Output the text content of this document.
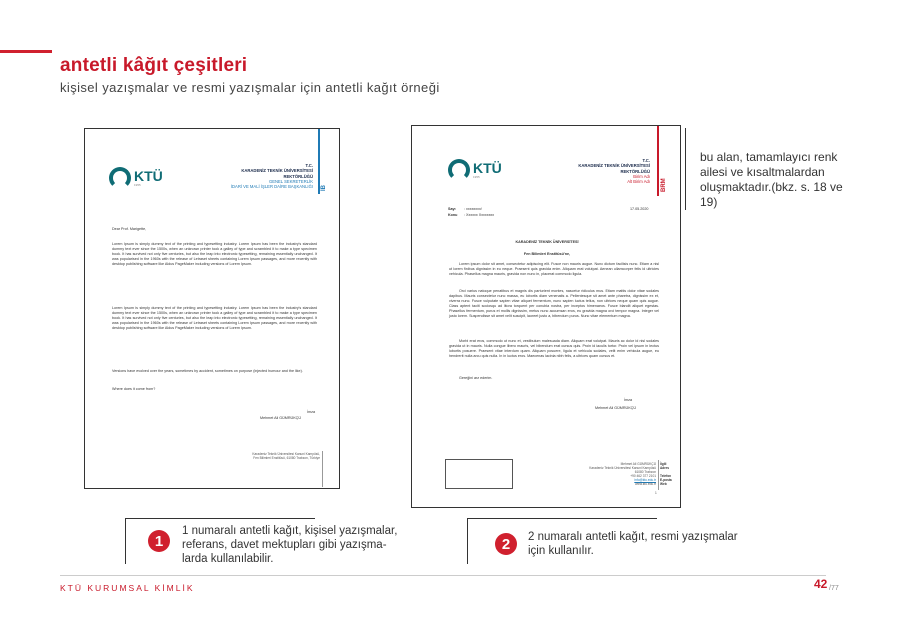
antetli kâğıt çeşitleri
kişisel yazışmalar ve resmi yazışmalar için antetli kağıt örneği
KTÜ
1955
T.C.
KARADENİZ TEKNİK ÜNİVERSİTESİ
REKTÖRLÜĞÜ
GENEL SEKRETERLİK
İDARİ VE MALİ İŞLER DAİRE BAŞKANLIĞI İB
Dear Prof. Marigette,
Lorem Ipsum is simply dummy text of the printing and typesetting industry. Lorem Ipsum has been the industry's standard dummy text ever since the 1500s, when an unknown printer took a galley of type and scrambled it to make a type specimen book. It has survived not only five centuries, but also the leap into electronic typesetting, remaining essentially unchanged. It was popularised in the 1960s with the release of Letraset sheets containing Lorem Ipsum passages, and more recently with desktop publishing software like Aldus PageMaker including versions of Lorem Ipsum.
Lorem Ipsum is simply dummy text of the printing and typesetting industry. Lorem Ipsum has been the industry's standard dummy text ever since the 1500s, when an unknown printer took a galley of type and scrambled it to make a type specimen book. It has survived not only five centuries, but also the leap into electronic typesetting, remaining essentially unchanged. It was popularised in the 1960s with the release of Letraset sheets containing Lorem Ipsum passages, and more recently with desktop publishing software like Aldus PageMaker including versions of Lorem Ipsum.
Versions have evolved over the years, sometimes by accident, sometimes on purpose (injected humour and the like).
Where does it come from?
İmza
Mehmet Ali GÜMRÜKÇÜ
Karadeniz Teknik Üniversitesi Kanuni Kampüsü, Fen Bilimleri Enstitüsü, 61080 Trabzon, Türkiye
KTÜ
1955
T.C.
KARADENİZ TEKNİK ÜNİVERSİTESİ
REKTÖRLÜĞÜ
Birim Adı
Alt Birim Adı BRM
Sayı : xxxxxxxx/
Konu : Xxxxxx Xxxxxxxx
17.05.2020
KARADENİZ TEKNİK ÜNİVERSİTESİ
Fen Bilimleri Enstitüsü'ne,
Lorem ipsum dolor sit amet, consectetur adipiscing elit. Fusce non mauris augue. Nunc dictum facilisis nunc. Etiam a nisl ut lorem finibus dignissim in eu neque. Praesent quis gravida enim. Aliquam erat volutpat. Aenean ullamcorper felis id ultricies vehicula. Phasellus magna mauris, gravida non nunc in, placerat commodo ligula.
Orci varius natoque penatibus et magnis dis parturient montes, nascetur ridiculus mus. Etiam mattis dolor vitae sodales dapibus. Mauris consectetur nunc massa, eu lobortis diam venenatis a. Pellentesque sit amet ante pharetra, dignissim ex et, viverra nunc. Fusce vulputate sapien vitae aliquet fermentum, nunc sapien luctus tellus, non ultrices neque quam quis augue. Class aptent taciti sociosqu ad litora torquent per conubia nostra, per inceptos himenaeos. Fusce blandit aliquet egestas. Phasellus fermentum, purus et mollis dignissim, metus nunc accumsan eros, eu gravida magna orci tempor magna. Integer vel justo lorem. Suspendisse sit amet velit suscipit, laoreet justo a, bibendum purus. Nunc vitae elementum magna.
Morbi erat eros, commodo ut nunc et, vestibulum malesuada diam. Aliquam erat volutpat. Mauris ac dolor id nisl sodales gravida ut in mauris. Nulla congue libero mauris, vel bibendum erat cursus quis. Proin id iaculis tortor. Proin vel ipsum in lectus lobortis posuere. Praesent vitae interdum quam. Aliquam posuere, ligula et vehicula sodales, velit enim vehicula augue, eu hendrerit nulla arcu quis nulla. In in luctus eros. Maecenas lacinia nibh felis, a ultrices quam cursus et.
Gereğini arz ederim.
İmza
Mehmet Ali GÜMRÜKÇÜ
Mehmet Ali GÜMRÜKÇÜ
Karadeniz Teknik Üniversitesi Kanuni Kampüsü
61080 Trabzon
+90 462 377 2101
info@ktu.edu.tr
www.ktu.edu.tr
İlgili
Adres
Telefon
E-posta
Web
1
bu alan, tamamlayıcı renk ailesi ve kısaltmalardan oluşmaktadır.(bkz. s. 18 ve 19)
1
1 numaralı antetli kağıt, kişisel yazışmalar,
referans, davet mektupları gibi yazışma-
larda kullanılabilir.
2	2 numaralı antetli kağıt, resmi yazışmalar
için kullanılır.
KTÜ KURUMSAL KİMLİK	42 /77
